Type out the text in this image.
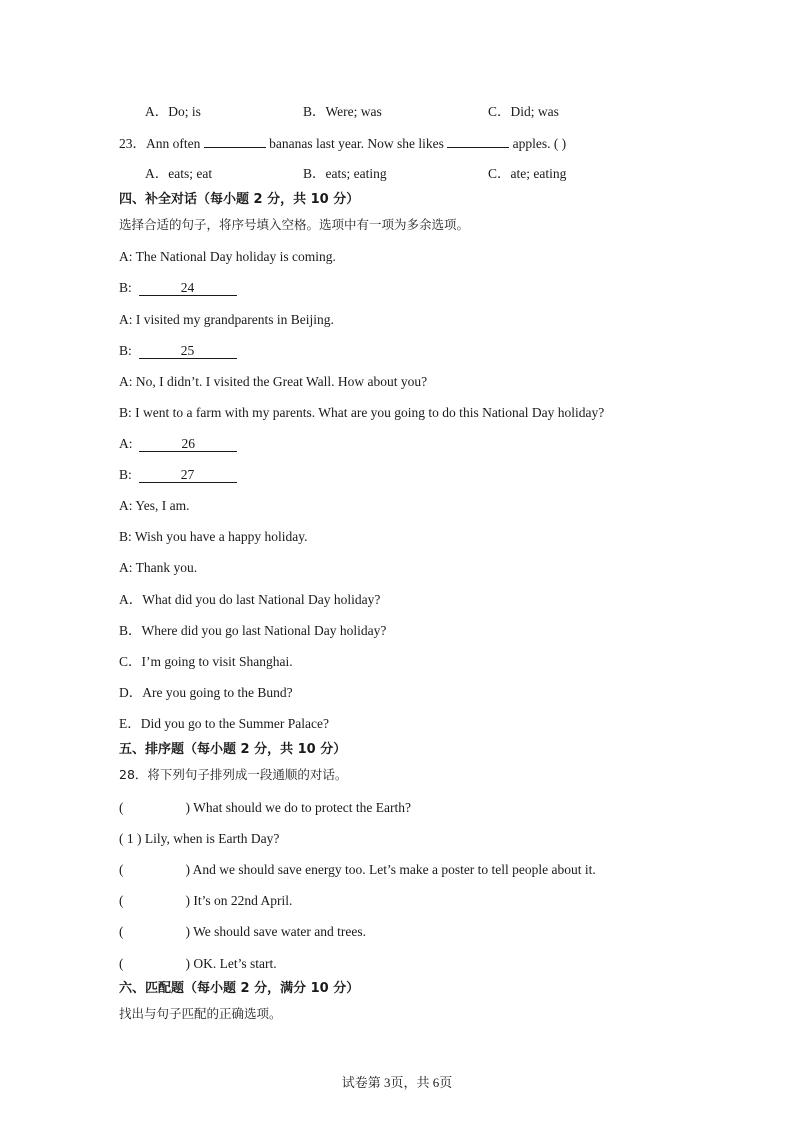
A．Do; is	B．Were; was	C．Did; was
23．Ann often	bananas last year. Now she likes	apples. ( )
A．eats; eat	B．eats; eating	C．ate; eating
四、补全对话（每小题 2 分，共 10 分）
选择合适的句子，将序号填入空格。选项中有一项为多余选项。
A: The National Day holiday is coming.
B:	24
A: I visited my grandparents in Beijing.
B:	25
A: No, I didn’t. I visited the Great Wall. How about you?
B: I went to a farm with my parents. What are you going to do this National Day holiday?
A:	26
B:	27
A: Yes, I am.
B: Wish you have a happy holiday.
A: Thank you.
A．What did you do last National Day holiday?
B．Where did you go last National Day holiday?
C．I’m going to visit Shanghai.
D．Are you going to the Bund?
E．Did you go to the Summer Palace?
五、排序题（每小题 2 分，共 10 分）
28．将下列句子排列成一段通顺的对话。
(	) What should we do to protect the Earth?
( 1 ) Lily, when is Earth Day?
(	) And we should save energy too. Let’s make a poster to tell people about it.
(	) It’s on 22nd April.
(	) We should save water and trees.
(	) OK. Let’s start.
六、匹配题（每小题 2 分，满分 10 分）
找出与句子匹配的正确选项。
试卷第 3页，共 6页
